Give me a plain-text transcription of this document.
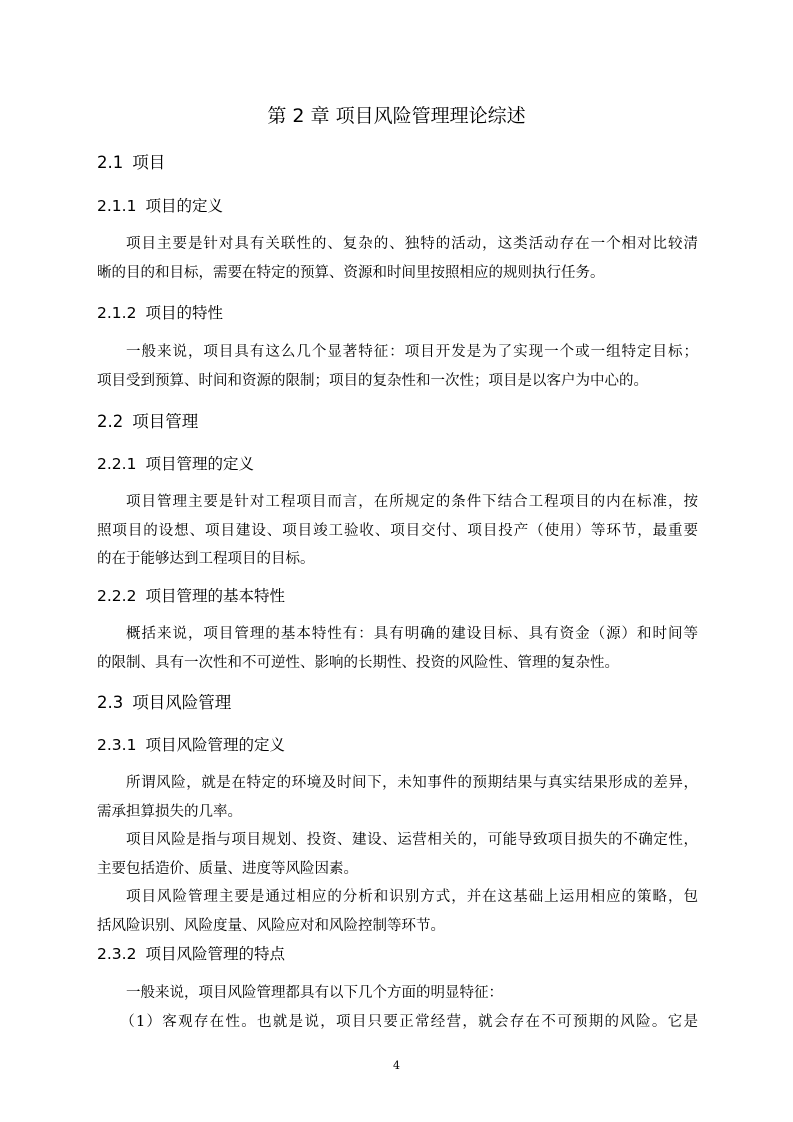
第 2 章 项目风险管理理论综述
2.1 项目
2.1.1 项目的定义
项目主要是针对具有关联性的、复杂的、独特的活动，这类活动存在一个相对比较清
晰的目的和目标，需要在特定的预算、资源和时间里按照相应的规则执行任务。
2.1.2 项目的特性
一般来说，项目具有这么几个显著特征：项目开发是为了实现一个或一组特定目标；
项目受到预算、时间和资源的限制；项目的复杂性和一次性；项目是以客户为中心的。
2.2 项目管理
2.2.1 项目管理的定义
项目管理主要是针对工程项目而言，在所规定的条件下结合工程项目的内在标准，按
照项目的设想、项目建设、项目竣工验收、项目交付、项目投产（使用）等环节，最重要
的在于能够达到工程项目的目标。
2.2.2 项目管理的基本特性
概括来说，项目管理的基本特性有：具有明确的建设目标、具有资金（源）和时间等
的限制、具有一次性和不可逆性、影响的长期性、投资的风险性、管理的复杂性。
2.3 项目风险管理
2.3.1 项目风险管理的定义
所谓风险，就是在特定的环境及时间下，未知事件的预期结果与真实结果形成的差异，
需承担算损失的几率。
项目风险是指与项目规划、投资、建设、运营相关的，可能导致项目损失的不确定性，
主要包括造价、质量、进度等风险因素。
项目风险管理主要是通过相应的分析和识别方式，并在这基础上运用相应的策略，包
括风险识别、风险度量、风险应对和风险控制等环节。
2.3.2 项目风险管理的特点
一般来说，项目风险管理都具有以下几个方面的明显特征：
（1）客观存在性。也就是说，项目只要正常经营，就会存在不可预期的风险。它是
4
